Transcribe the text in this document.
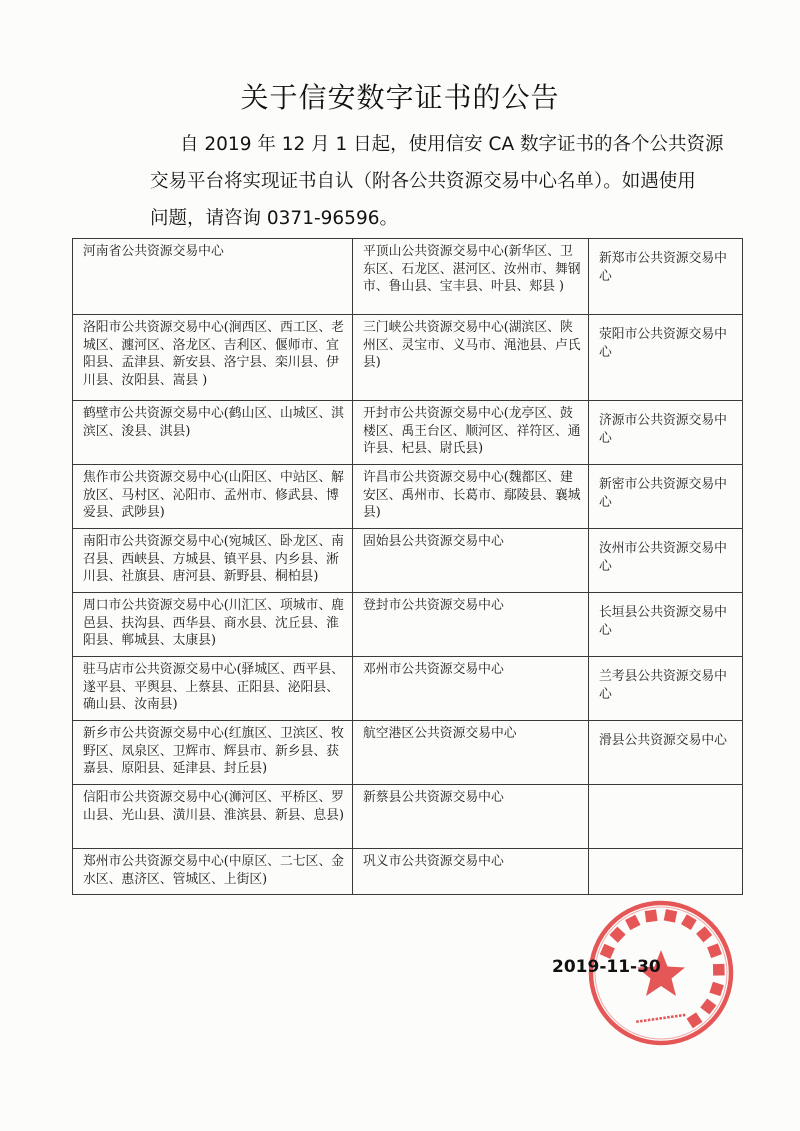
关于信安数字证书的公告

自 2019 年 12 月 1 日起，使用信安 CA 数字证书的各个公共资源
交易平台将实现证书自认（附各公共资源交易中心名单）。如遇使用
问题，请咨询 0371-96596。

河南省公共资源交易中心	平顶山公共资源交易中心(新华区、卫东区、石龙区、湛河区、汝州市、舞钢市、鲁山县、宝丰县、叶县、郏县 )	新郑市公共资源交易中心
洛阳市公共资源交易中心(涧西区、西工区、老城区、瀍河区、洛龙区、吉利区、偃师市、宜阳县、孟津县、新安县、洛宁县、栾川县、伊川县、汝阳县、嵩县 )	三门峡公共资源交易中心(湖滨区、陕州区、灵宝市、义马市、渑池县、卢氏县)	荥阳市公共资源交易中心
鹤壁市公共资源交易中心(鹤山区、山城区、淇滨区、浚县、淇县)	开封市公共资源交易中心(龙亭区、鼓楼区、禹王台区、顺河区、祥符区、通许县、杞县、尉氏县)	济源市公共资源交易中心
焦作市公共资源交易中心(山阳区、中站区、解放区、马村区、沁阳市、孟州市、修武县、博爱县、武陟县)	许昌市公共资源交易中心(魏都区、建安区、禹州市、长葛市、鄢陵县、襄城县)	新密市公共资源交易中心
南阳市公共资源交易中心(宛城区、卧龙区、南召县、西峡县、方城县、镇平县、内乡县、淅川县、社旗县、唐河县、新野县、桐柏县)	固始县公共资源交易中心	汝州市公共资源交易中心
周口市公共资源交易中心(川汇区、项城市、鹿邑县、扶沟县、西华县、商水县、沈丘县、淮阳县、郸城县、太康县)	登封市公共资源交易中心	长垣县公共资源交易中心
驻马店市公共资源交易中心(驿城区、西平县、遂平县、平舆县、上蔡县、正阳县、泌阳县、确山县、汝南县)	邓州市公共资源交易中心	兰考县公共资源交易中心
新乡市公共资源交易中心(红旗区、卫滨区、牧野区、凤泉区、卫辉市、辉县市、新乡县、获嘉县、原阳县、延津县、封丘县)	航空港区公共资源交易中心	滑县公共资源交易中心
信阳市公共资源交易中心(浉河区、平桥区、罗山县、光山县、潢川县、淮滨县、新县、息县)	新蔡县公共资源交易中心	
郑州市公共资源交易中心(中原区、二七区、金水区、惠济区、管城区、上街区)	巩义市公共资源交易中心	
■■■■■■■■■■■■
▪▪▪▪▪▪▪▪▪▪▪▪▪
2019-11-30
